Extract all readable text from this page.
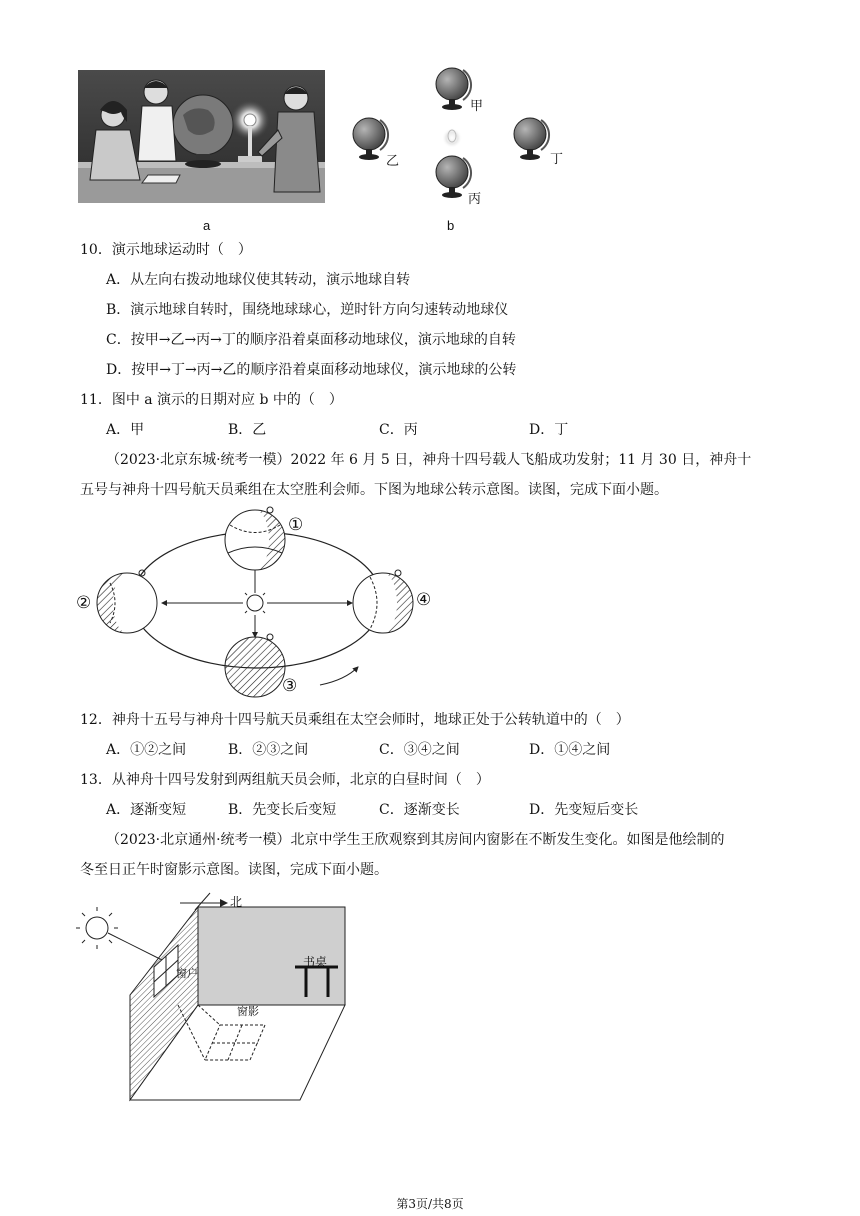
a
甲
乙
丙
丁
b
10．演示地球运动时（　）
A．从左向右拨动地球仪使其转动，演示地球自转
B．演示地球自转时，围绕地球球心，逆时针方向匀速转动地球仪
C．按甲→乙→丙→丁的顺序沿着桌面移动地球仪，演示地球的自转
D．按甲→丁→丙→乙的顺序沿着桌面移动地球仪，演示地球的公转
11．图中 a 演示的日期对应 b 中的（　）
A．甲	B．乙	C．丙	D．丁
（2023·北京东城·统考一模）2022 年 6 月 5 日，神舟十四号载人飞船成功发射；11 月 30 日，神舟十
五号与神舟十四号航天员乘组在太空胜利会师。下图为地球公转示意图。读图，完成下面小题。
①
②
③
④
12．神舟十五号与神舟十四号航天员乘组在太空会师时，地球正处于公转轨道中的（　）
A．①②之间	B．②③之间	C．③④之间	D．①④之间
13．从神舟十四号发射到两组航天员会师，北京的白昼时间（　）
A．逐渐变短	B．先变长后变短	C．逐渐变长	D．先变短后变长
（2023·北京通州·统考一模）北京中学生王欣观察到其房间内窗影在不断发生变化。如图是他绘制的
冬至日正午时窗影示意图。读图，完成下面小题。
北
窗户
书桌
窗影
第3页/共8页
